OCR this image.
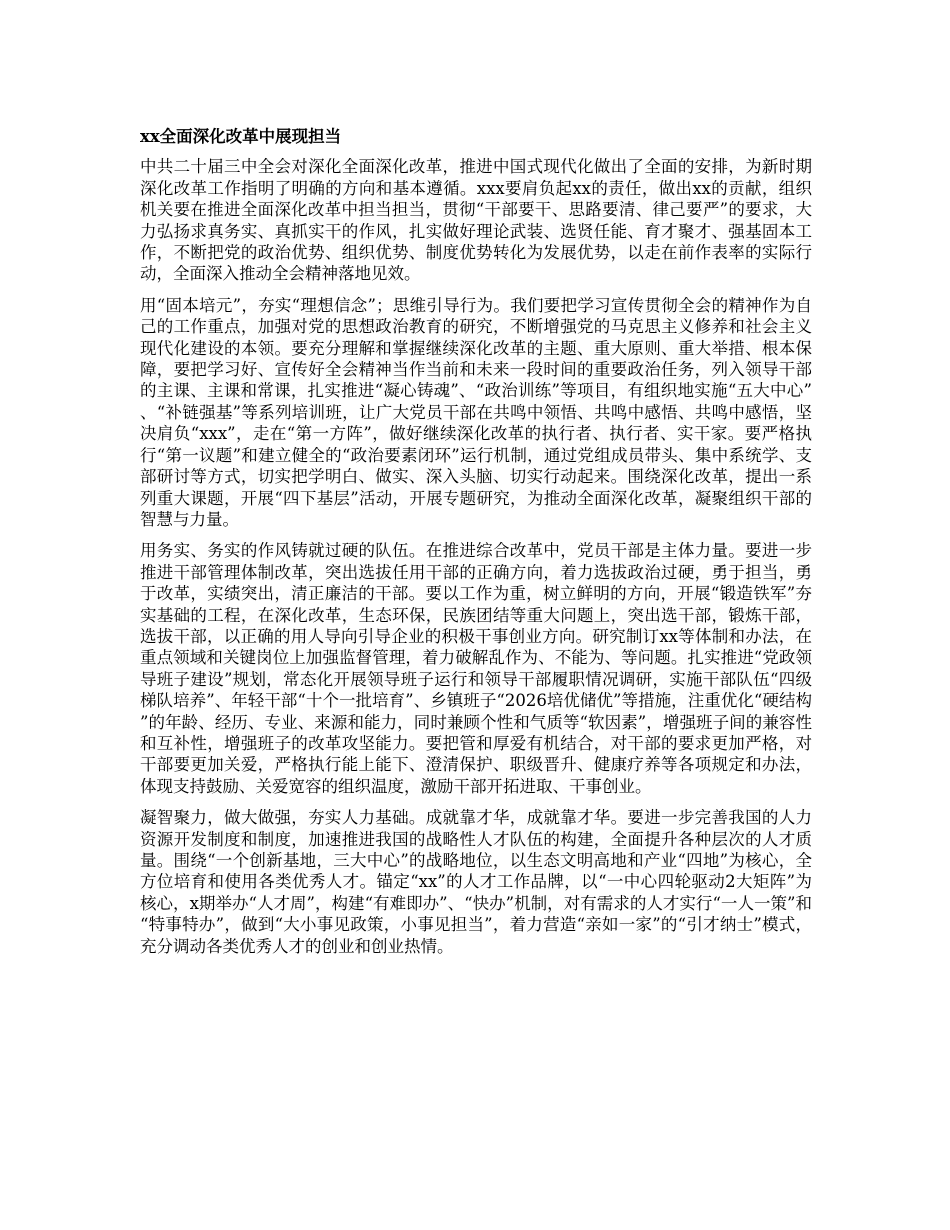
xx全面深化改革中展现担当

中共二十届三中全会对深化全面深化改革，推进中国式现代化做出了全面的安排，为新时期深化改革工作指明了明确的方向和基本遵循。xxx要肩负起xx的责任，做出xx的贡献，组织机关要在推进全面深化改革中担当担当，贯彻“干部要干、思路要清、律己要严”的要求，大力弘扬求真务实、真抓实干的作风，扎实做好理论武装、选贤任能、育才聚才、强基固本工作，不断把党的政治优势、组织优势、制度优势转化为发展优势，以走在前作表率的实际行动，全面深入推动全会精神落地见效。

用“固本培元”，夯实“理想信念”；思维引导行为。我们要把学习宣传贯彻全会的精神作为自己的工作重点，加强对党的思想政治教育的研究，不断增强党的马克思主义修养和社会主义现代化建设的本领。要充分理解和掌握继续深化改革的主题、重大原则、重大举措、根本保障，要把学习好、宣传好全会精神当作当前和未来一段时间的重要政治任务，列入领导干部的主课、主课和常课，扎实推进“凝心铸魂”、“政治训练”等项目，有组织地实施“五大中心”、“补链强基”等系列培训班，让广大党员干部在共鸣中领悟、共鸣中感悟、共鸣中感悟，坚决肩负“xxx”，走在“第一方阵”，做好继续深化改革的执行者、执行者、实干家。要严格执行“第一议题”和建立健全的“政治要素闭环”运行机制，通过党组成员带头、集中系统学、支部研讨等方式，切实把学明白、做实、深入头脑、切实行动起来。围绕深化改革，提出一系列重大课题，开展“四下基层”活动，开展专题研究，为推动全面深化改革，凝聚组织干部的智慧与力量。

用务实、务实的作风铸就过硬的队伍。在推进综合改革中，党员干部是主体力量。要进一步推进干部管理体制改革，突出选拔任用干部的正确方向，着力选拔政治过硬，勇于担当，勇于改革，实绩突出，清正廉洁的干部。要以工作为重，树立鲜明的方向，开展“锻造铁军”夯实基础的工程，在深化改革，生态环保，民族团结等重大问题上，突出选干部，锻炼干部，选拔干部，以正确的用人导向引导企业的积极干事创业方向。研究制订xx等体制和办法，在重点领域和关键岗位上加强监督管理，着力破解乱作为、不能为、等问题。扎实推进“党政领导班子建设”规划，常态化开展领导班子运行和领导干部履职情况调研，实施干部队伍“四级梯队培养”、年轻干部“十个一批培育”、乡镇班子“2026培优储优”等措施，注重优化“硬结构”的年龄、经历、专业、来源和能力，同时兼顾个性和气质等“软因素”，增强班子间的兼容性和互补性，增强班子的改革攻坚能力。要把管和厚爱有机结合，对干部的要求更加严格，对干部要更加关爱，严格执行能上能下、澄清保护、职级晋升、健康疗养等各项规定和办法，体现支持鼓励、关爱宽容的组织温度，激励干部开拓进取、干事创业。

凝智聚力，做大做强，夯实人力基础。成就靠才华，成就靠才华。要进一步完善我国的人力资源开发制度和制度，加速推进我国的战略性人才队伍的构建，全面提升各种层次的人才质量。围绕“一个创新基地，三大中心”的战略地位，以生态文明高地和产业“四地”为核心，全方位培育和使用各类优秀人才。锚定“xx”的人才工作品牌，以“一中心四轮驱动2大矩阵”为核心，x期举办“人才周”，构建“有难即办”、“快办”机制，对有需求的人才实行“一人一策”和“特事特办”，做到“大小事见政策，小事见担当”，着力营造“亲如一家”的“引才纳士”模式，充分调动各类优秀人才的创业和创业热情。
